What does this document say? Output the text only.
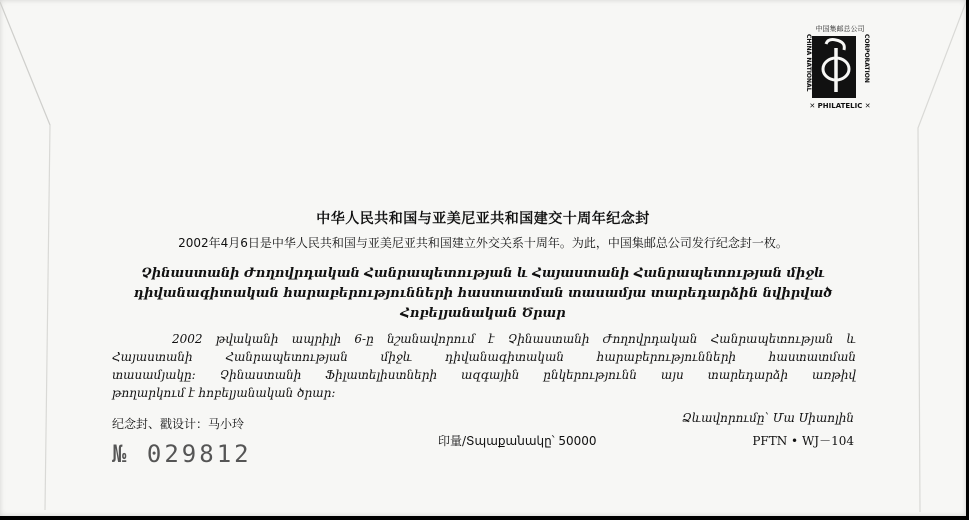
中国集邮总公司
CHINA NATIONAL	CORPORATION
✕ PHILATELIC ✕
中华人民共和国与亚美尼亚共和国建交十周年纪念封
2002年4月6日是中华人民共和国与亚美尼亚共和国建立外交关系十周年。为此，中国集邮总公司发行纪念封一枚。
Չինաստանի Ժողովրդական Հանրապետության և Հայաստանի Հանրապետության միջև
դիվանագիտական հարաբերությունների հաստատման տասամյա տարեդարձին նվիրված
Հոբելյանական Ծրար
2002 թվականի ապրիլի 6-ը նշանավորում է Չինաստանի Ժողովրդական Հանրապետության և
Հայաստանի Հանրապետության միջև դիվանագիտական հարաբերությունների հաստատման
տասամյակը: Չինաստանի Ֆիլատելիստների ազգային ընկերությունն այս տարեդարձի առթիվ
թողարկում է հոբելյանական ծրար:
纪念封、戳设计：马小玲	Ձևավորումը՝ Մա Սիաոլին
№ 029812	印量/Տպաքանակը՝ 50000	PFTN • WJ－104
